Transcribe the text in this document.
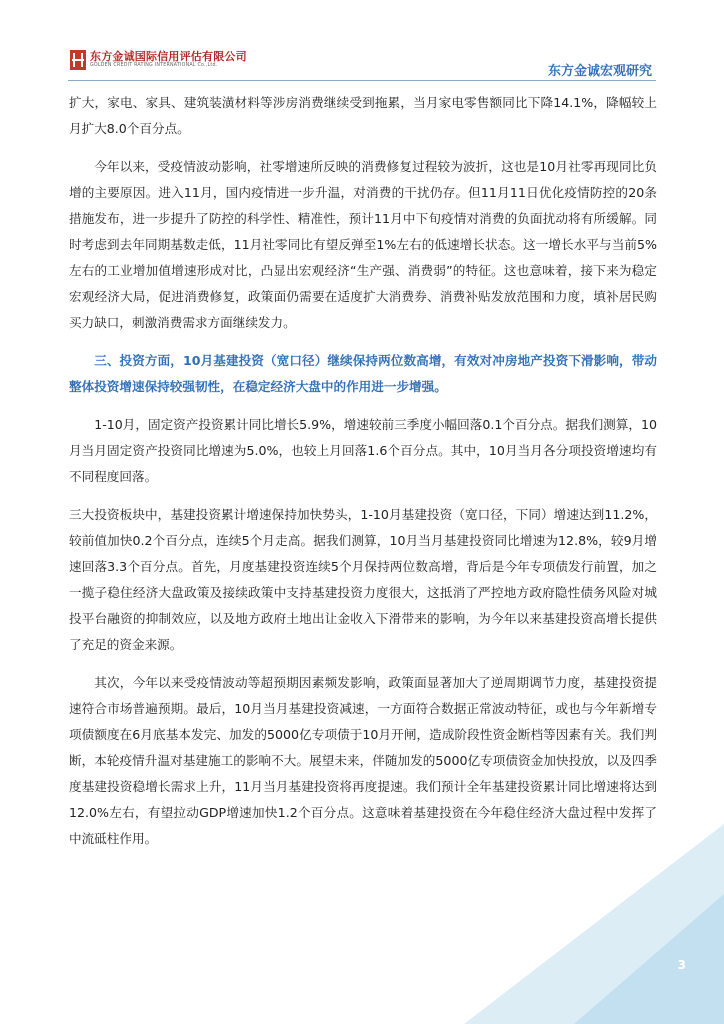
东方金诚国际信用评估有限公司
GOLDEN CREDIT RATING INTERNATIONAL Co.,Ltd.	东方金诚宏观研究

扩大，家电、家具、建筑装潢材料等涉房消费继续受到拖累，当月家电零售额同比下降14.1%，降幅较上月扩大8.0个百分点。

今年以来，受疫情波动影响，社零增速所反映的消费修复过程较为波折，这也是10月社零再现同比负增的主要原因。进入11月，国内疫情进一步升温，对消费的干扰仍存。但11月11日优化疫情防控的20条措施发布，进一步提升了防控的科学性、精准性，预计11月中下旬疫情对消费的负面扰动将有所缓解。同时考虑到去年同期基数走低，11月社零同比有望反弹至1%左右的低速增长状态。这一增长水平与当前5%左右的工业增加值增速形成对比，凸显出宏观经济“生产强、消费弱”的特征。这也意味着，接下来为稳定宏观经济大局，促进消费修复，政策面仍需要在适度扩大消费券、消费补贴发放范围和力度，填补居民购买力缺口，刺激消费需求方面继续发力。

三、投资方面，10月基建投资（宽口径）继续保持两位数高增，有效对冲房地产投资下滑影响，带动整体投资增速保持较强韧性，在稳定经济大盘中的作用进一步增强。

1-10月，固定资产投资累计同比增长5.9%，增速较前三季度小幅回落0.1个百分点。据我们测算，10月当月固定资产投资同比增速为5.0%，也较上月回落1.6个百分点。其中，10月当月各分项投资增速均有不同程度回落。

三大投资板块中，基建投资累计增速保持加快势头，1-10月基建投资（宽口径，下同）增速达到11.2%，较前值加快0.2个百分点，连续5个月走高。据我们测算，10月当月基建投资同比增速为12.8%，较9月增速回落3.3个百分点。首先，月度基建投资连续5个月保持两位数高增，背后是今年专项债发行前置，加之一揽子稳住经济大盘政策及接续政策中支持基建投资力度很大，这抵消了严控地方政府隐性债务风险对城投平台融资的抑制效应，以及地方政府土地出让金收入下滑带来的影响，为今年以来基建投资高增长提供了充足的资金来源。

其次，今年以来受疫情波动等超预期因素频发影响，政策面显著加大了逆周期调节力度，基建投资提速符合市场普遍预期。最后，10月当月基建投资减速，一方面符合数据正常波动特征，或也与今年新增专项债额度在6月底基本发完、加发的5000亿专项债于10月开闸，造成阶段性资金断档等因素有关。我们判断，本轮疫情升温对基建施工的影响不大。展望未来，伴随加发的5000亿专项债资金加快投放，以及四季度基建投资稳增长需求上升，11月当月基建投资将再度提速。我们预计全年基建投资累计同比增速将达到12.0%左右，有望拉动GDP增速加快1.2个百分点。这意味着基建投资在今年稳住经济大盘过程中发挥了中流砥柱作用。

3
